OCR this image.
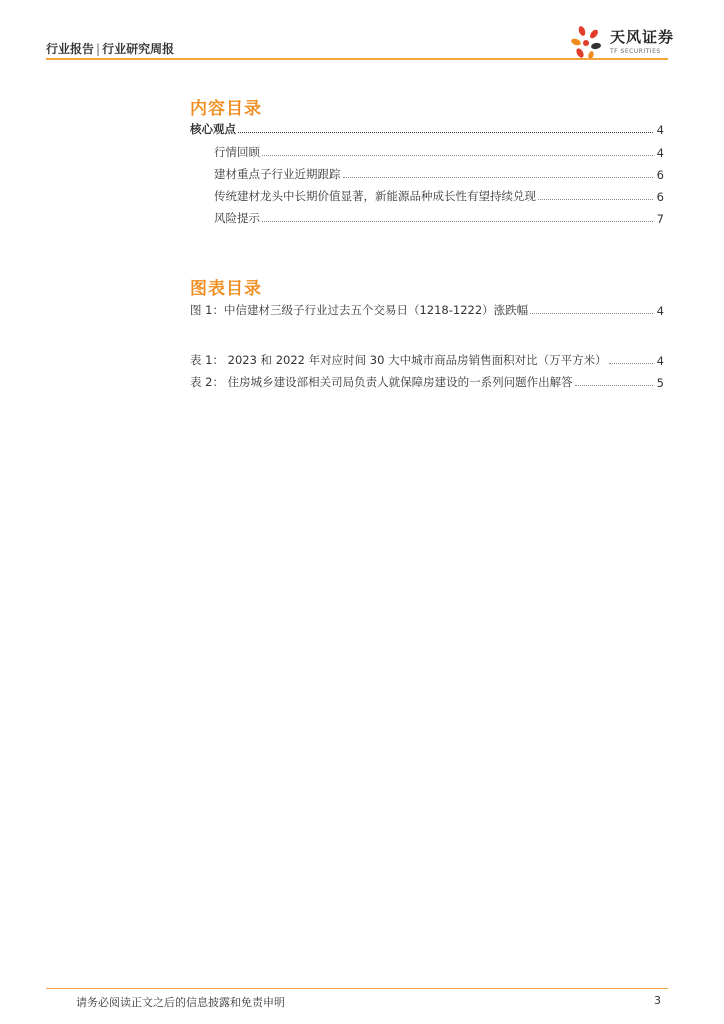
行业报告 | 行业研究周报
天风证券
TF SECURITIES
内容目录
核心观点	4
行情回顾	4
建材重点子行业近期跟踪	6
传统建材龙头中长期价值显著，新能源品种成长性有望持续兑现	6
风险提示	7
图表目录
图 1：中信建材三级子行业过去五个交易日（1218-1222）涨跌幅	4
表 1： 2023 和 2022 年对应时间 30 大中城市商品房销售面积对比（万平方米）	4
表 2： 住房城乡建设部相关司局负责人就保障房建设的一系列问题作出解答	5
请务必阅读正文之后的信息披露和免责申明	3
